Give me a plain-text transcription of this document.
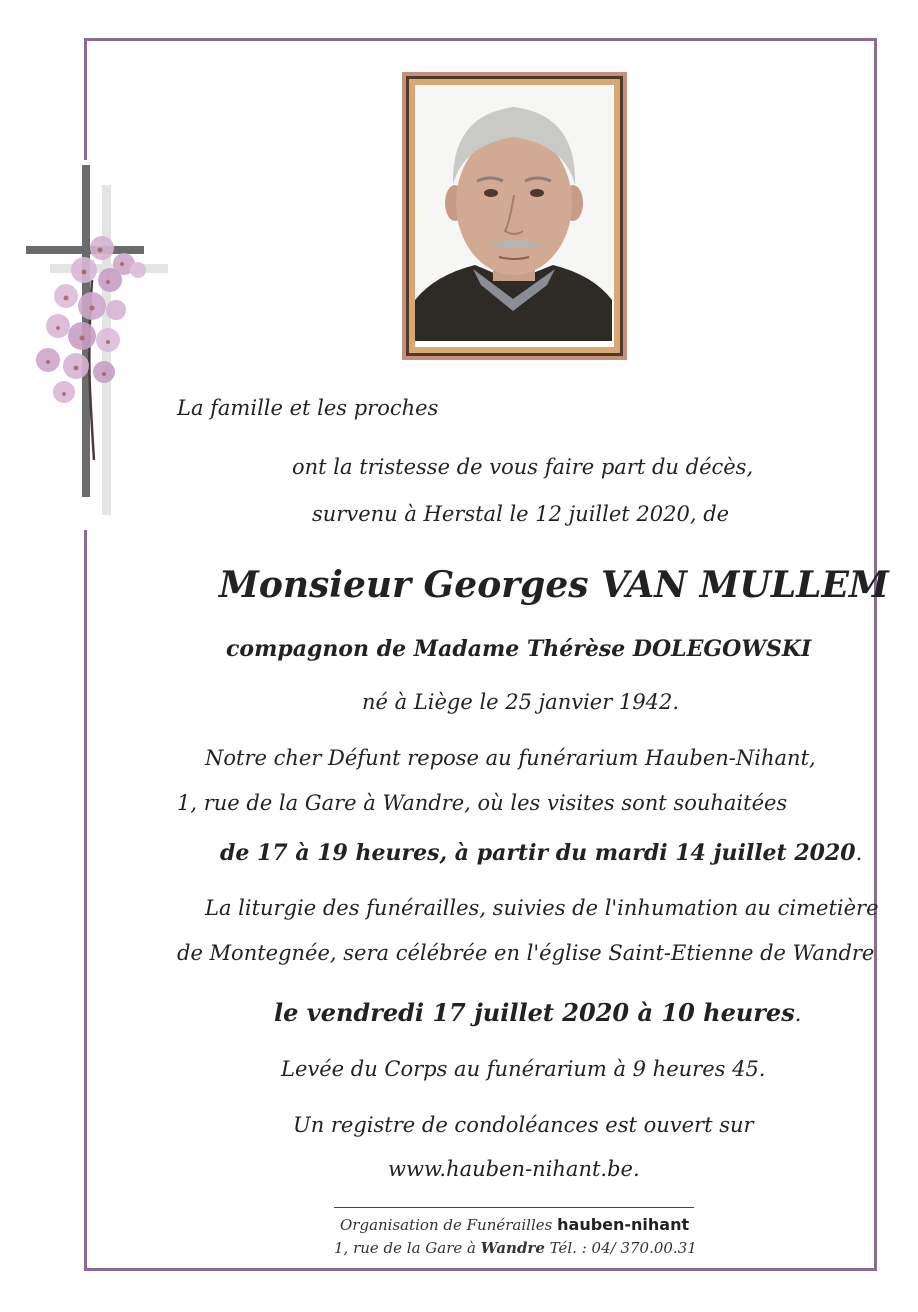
La famille et les proches
ont la tristesse de vous faire part du décès,
survenu à Herstal le 12 juillet 2020, de
Monsieur Georges VAN MULLEM
compagnon de Madame Thérèse DOLEGOWSKI
né à Liège le 25 janvier 1942.
Notre cher Défunt repose au funérarium Hauben-Nihant,
1, rue de la Gare à Wandre, où les visites sont souhaitées
de 17 à 19 heures, à partir du mardi 14 juillet 2020.
La liturgie des funérailles, suivies de l'inhumation au cimetière
de Montegnée, sera célébrée en l'église Saint-Etienne de Wandre
le vendredi 17 juillet 2020 à 10 heures.
Levée du Corps au funérarium à 9 heures 45.
Un registre de condoléances est ouvert sur
www.hauben-nihant.be.
Organisation de Funérailles hauben-nihant
1, rue de la Gare à Wandre Tél. : 04/ 370.00.31
